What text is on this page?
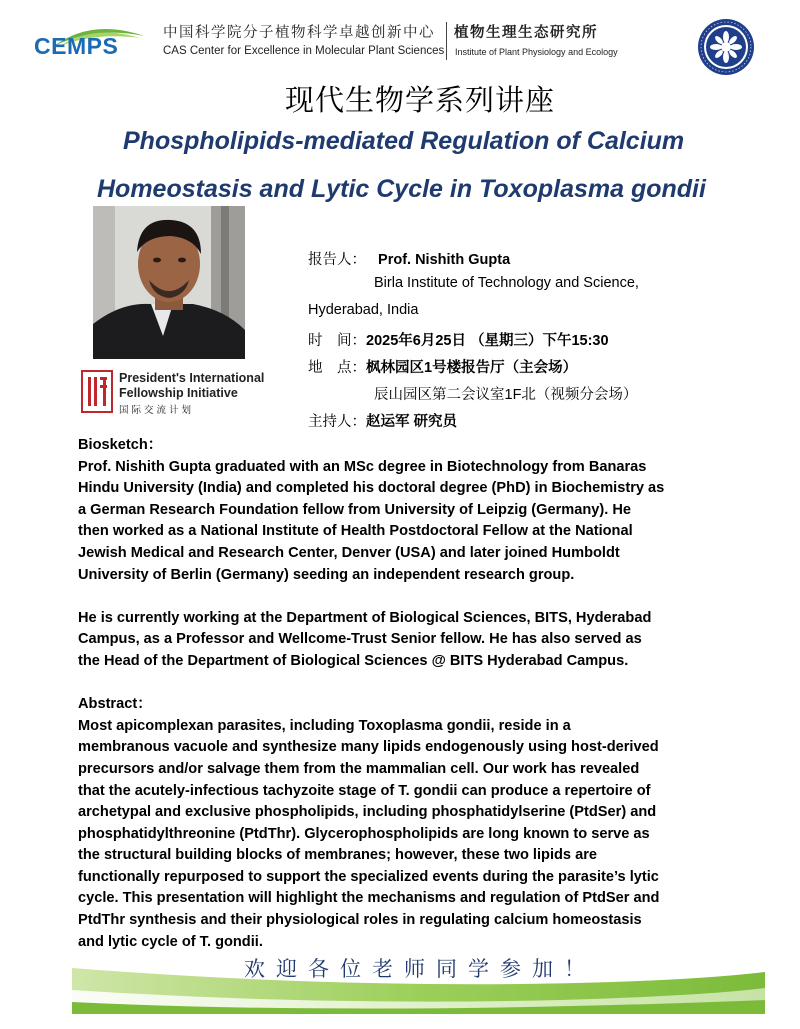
CEMPS	中国科学院分子植物科学卓越创新中心
CAS Center for Excellence in Molecular Plant Sciences
植物生理生态研究所
Institute of Plant Physiology and Ecology
现代生物学系列讲座
Phospholipids-mediated Regulation of Calcium
Homeostasis and Lytic Cycle in Toxoplasma gondii
President's International
Fellowship Initiative
国际交流计划
报告人： Prof. Nishith Gupta
Birla Institute of Technology and Science,
Hyderabad, India
时　间：2025年6月25日 （星期三）下午15:30
地　点：枫林园区1号楼报告厅（主会场）
辰山园区第二会议室1F北（视频分会场）
主持人：赵运军 研究员
Biosketch：
Prof. Nishith Gupta graduated with an MSc degree in Biotechnology from Banaras
Hindu University (India) and completed his doctoral degree (PhD) in Biochemistry as
a German Research Foundation fellow from University of Leipzig (Germany). He
then worked as a National Institute of Health Postdoctoral Fellow at the National
Jewish Medical and Research Center, Denver (USA) and later joined Humboldt
University of Berlin (Germany) seeding an independent research group.
He is currently working at the Department of Biological Sciences, BITS, Hyderabad
Campus, as a Professor and Wellcome-Trust Senior fellow. He has also served as
the Head of the Department of Biological Sciences @ BITS Hyderabad Campus.
Abstract：
Most apicomplexan parasites, including Toxoplasma gondii, reside in a
membranous vacuole and synthesize many lipids endogenously using host-derived
precursors and/or salvage them from the mammalian cell. Our work has revealed
that the acutely-infectious tachyzoite stage of T. gondii can produce a repertoire of
archetypal and exclusive phospholipids, including phosphatidylserine (PtdSer) and
phosphatidylthreonine (PtdThr). Glycerophospholipids are long known to serve as
the structural building blocks of membranes; however, these two lipids are
functionally repurposed to support the specialized events during the parasite’s lytic
cycle. This presentation will highlight the mechanisms and regulation of PtdSer and
PtdThr synthesis and their physiological roles in regulating calcium homeostasis
and lytic cycle of T. gondii.
欢迎各位老师同学参加！
